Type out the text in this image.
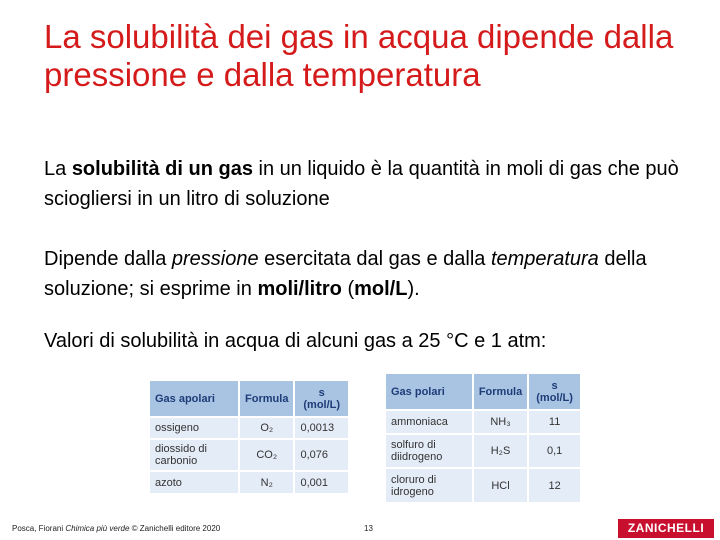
La solubilità dei gas in acqua dipende dalla pressione e dalla temperatura

La solubilità di un gas in un liquido è la quantità in moli di gas che può sciogliersi in un litro di soluzione

Dipende dalla pressione esercitata dal gas e dalla temperatura della soluzione; si esprime in moli/litro (mol/L).

Valori di solubilità in acqua di alcuni gas a 25 °C e 1 atm:

Gas apolari	Formula	s (mol/L)
ossigeno	O₂	0,0013
diossido di carbonio	CO₂	0,076
azoto	N₂	0,001
Gas polari	Formula	s (mol/L)
ammoniaca	NH₃	11
solfuro di diidrogeno	H₂S	0,1
cloruro di idrogeno	HCl	12
Posca, Fiorani Chimica più verde © Zanichelli editore 2020	13	ZANICHELLI
